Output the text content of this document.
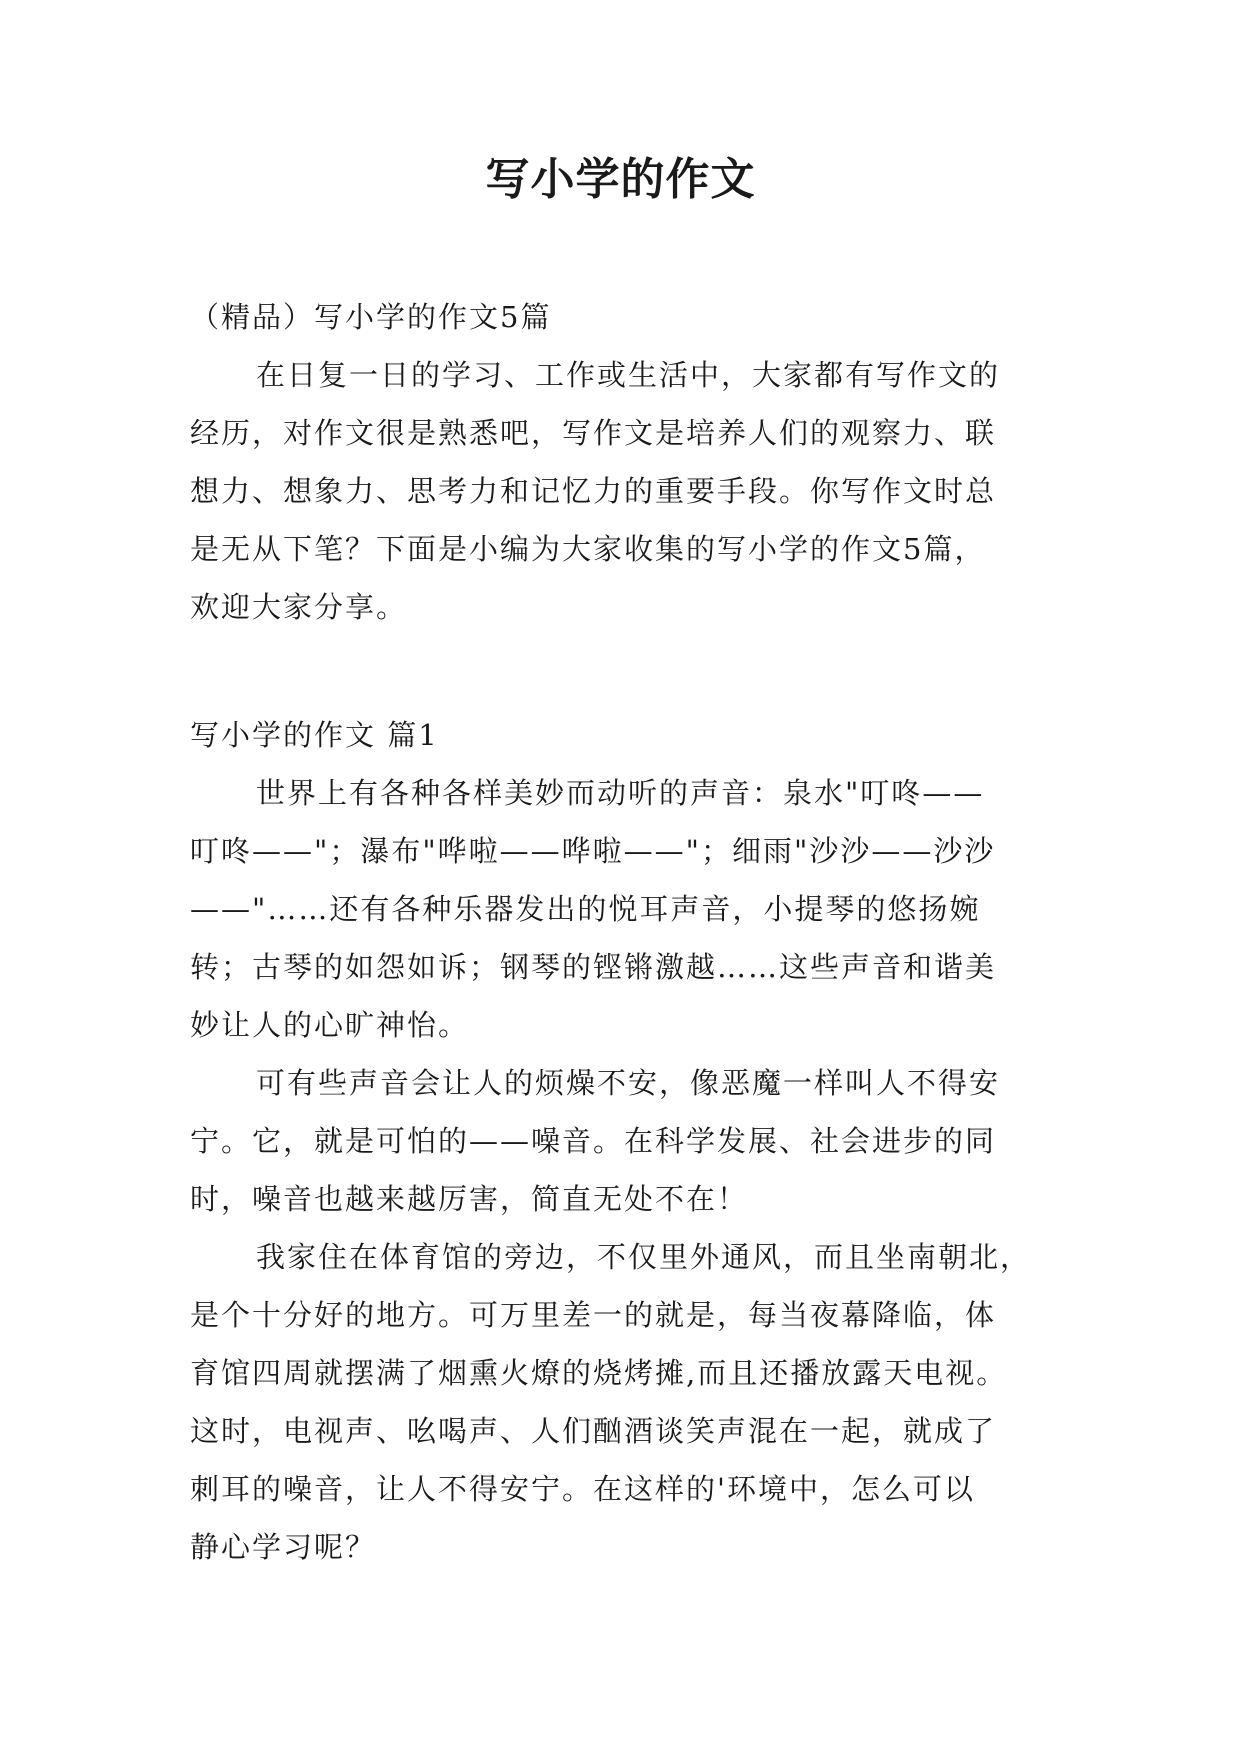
写小学的作文
（精品）写小学的作文5篇
在日复一日的学习、工作或生活中，大家都有写作文的
经历，对作文很是熟悉吧，写作文是培养人们的观察力、联
想力、想象力、思考力和记忆力的重要手段。你写作文时总
是无从下笔？下面是小编为大家收集的写小学的作文5篇，
欢迎大家分享。
写小学的作文 篇1
世界上有各种各样美妙而动听的声音：泉水"叮咚——
叮咚——"；瀑布"哗啦——哗啦——"；细雨"沙沙——沙沙
——"……还有各种乐器发出的悦耳声音，小提琴的悠扬婉
转；古琴的如怨如诉；钢琴的铿锵激越……这些声音和谐美
妙让人的心旷神怡。
可有些声音会让人的烦燥不安，像恶魔一样叫人不得安
宁。它，就是可怕的——噪音。在科学发展、社会进步的同
时，噪音也越来越厉害，简直无处不在！
我家住在体育馆的旁边，不仅里外通风，而且坐南朝北，
是个十分好的地方。可万里差一的就是，每当夜幕降临，体
育馆四周就摆满了烟熏火燎的烧烤摊,而且还播放露天电视。
这时，电视声、吆喝声、人们酗酒谈笑声混在一起，就成了
刺耳的噪音，让人不得安宁。在这样的'环境中，怎么可以
静心学习呢？
